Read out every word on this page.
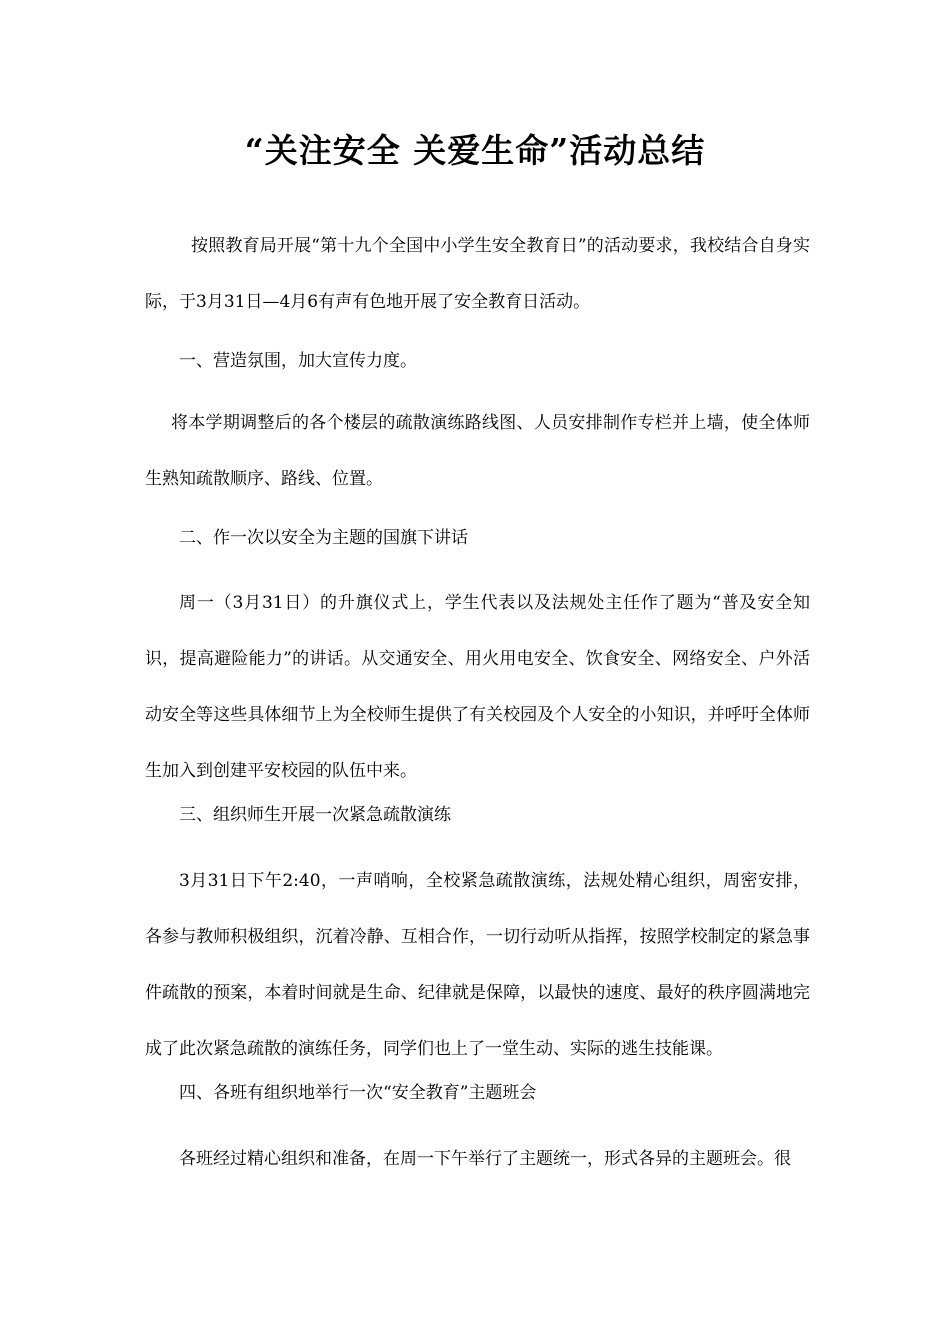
“关注安全 关爱生命”活动总结

按照教育局开展“第十九个全国中小学生安全教育日”的活动要求，我校结合自身实际，于3月31日—4月6有声有色地开展了安全教育日活动。

一、营造氛围，加大宣传力度。

将本学期调整后的各个楼层的疏散演练路线图、人员安排制作专栏并上墙，使全体师生熟知疏散顺序、路线、位置。

二、作一次以安全为主题的国旗下讲话

周一（3月31日）的升旗仪式上，学生代表以及法规处主任作了题为“普及安全知识，提高避险能力”的讲话。从交通安全、用火用电安全、饮食安全、网络安全、户外活动安全等这些具体细节上为全校师生提供了有关校园及个人安全的小知识，并呼吁全体师生加入到创建平安校园的队伍中来。

三、组织师生开展一次紧急疏散演练

3月31日下午2:40，一声哨响，全校紧急疏散演练，法规处精心组织，周密安排，各参与教师积极组织，沉着冷静、互相合作，一切行动听从指挥，按照学校制定的紧急事件疏散的预案，本着时间就是生命、纪律就是保障，以最快的速度、最好的秩序圆满地完成了此次紧急疏散的演练任务，同学们也上了一堂生动、实际的逃生技能课。

四、各班有组织地举行一次“安全教育”主题班会

各班经过精心组织和准备，在周一下午举行了主题统一，形式各异的主题班会。很
